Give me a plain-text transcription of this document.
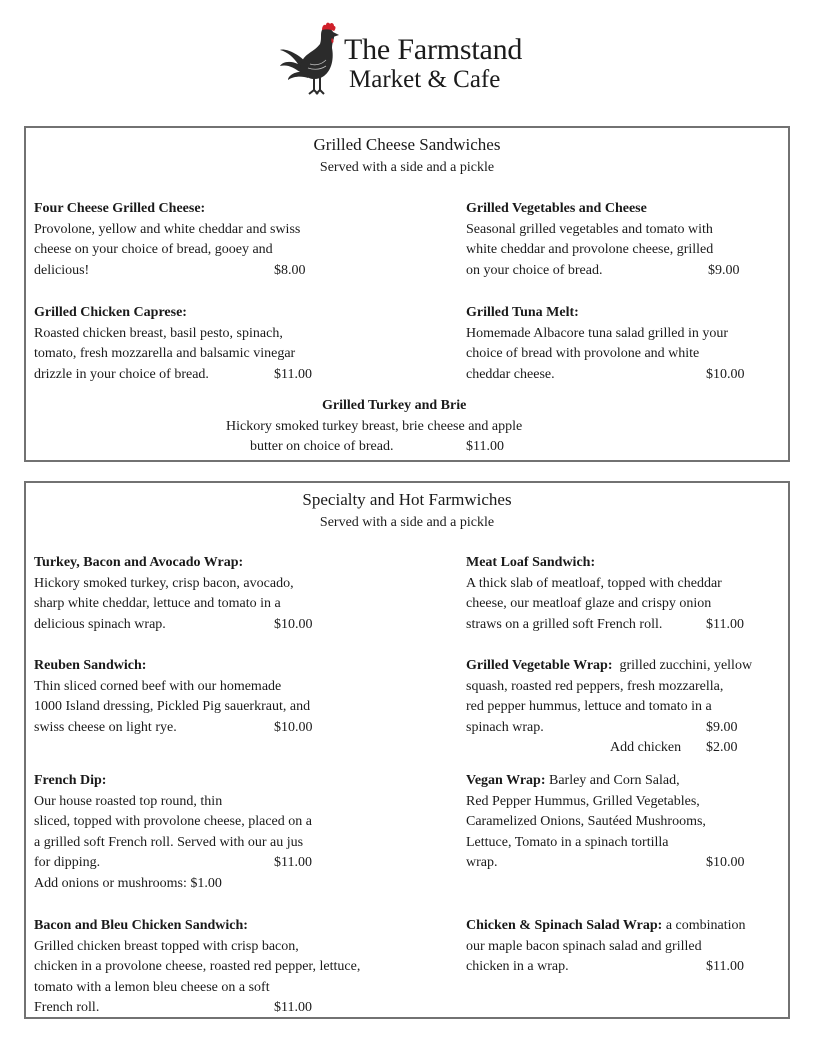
The Farmstand
Market & Cafe
Grilled Cheese Sandwiches
Served with a side and a pickle
Four Cheese Grilled Cheese:
Provolone, yellow and white cheddar and swiss
cheese on your choice of bread, gooey and
delicious!	$8.00
Grilled Vegetables and Cheese
Seasonal grilled vegetables and tomato with
white cheddar and provolone cheese, grilled
on your choice of bread.	$9.00
Grilled Chicken Caprese:
Roasted chicken breast, basil pesto, spinach,
tomato, fresh mozzarella and balsamic vinegar
drizzle in your choice of bread.	$11.00
Grilled Tuna Melt:
Homemade Albacore tuna salad grilled in your
choice of bread with provolone and white
cheddar cheese.	$10.00
Grilled Turkey and Brie
Hickory smoked turkey breast, brie cheese and apple
butter on choice of bread.	$11.00
Specialty and Hot Farmwiches
Served with a side and a pickle
Turkey, Bacon and Avocado Wrap:
Hickory smoked turkey, crisp bacon, avocado,
sharp white cheddar, lettuce and tomato in a
delicious spinach wrap.	$10.00
Meat Loaf Sandwich:
A thick slab of meatloaf, topped with cheddar
cheese, our meatloaf glaze and crispy onion
straws on a grilled soft French roll.	$11.00
Reuben Sandwich:
Thin sliced corned beef with our homemade
1000 Island dressing, Pickled Pig sauerkraut, and
swiss cheese on light rye.	$10.00
Grilled Vegetable Wrap:  grilled zucchini, yellow
squash, roasted red peppers, fresh mozzarella,
red pepper hummus, lettuce and tomato in a
spinach wrap.	$9.00
Add chicken $2.00

French Dip:
Our house roasted top round, thin
sliced, topped with provolone cheese, placed on a
a grilled soft French roll. Served with our au jus
for dipping.	$11.00
Add onions or mushrooms: $1.00
Vegan Wrap: Barley and Corn Salad,
Red Pepper Hummus, Grilled Vegetables,
Caramelized Onions, Sautéed Mushrooms,
Lettuce, Tomato in a spinach tortilla
wrap.	$10.00
Bacon and Bleu Chicken Sandwich:
Grilled chicken breast topped with crisp bacon,
chicken in a provolone cheese, roasted red pepper, lettuce,
tomato with a lemon bleu cheese on a soft
French roll.	$11.00
Chicken & Spinach Salad Wrap: a combination
our maple bacon spinach salad and grilled
chicken in a wrap.	$11.00
